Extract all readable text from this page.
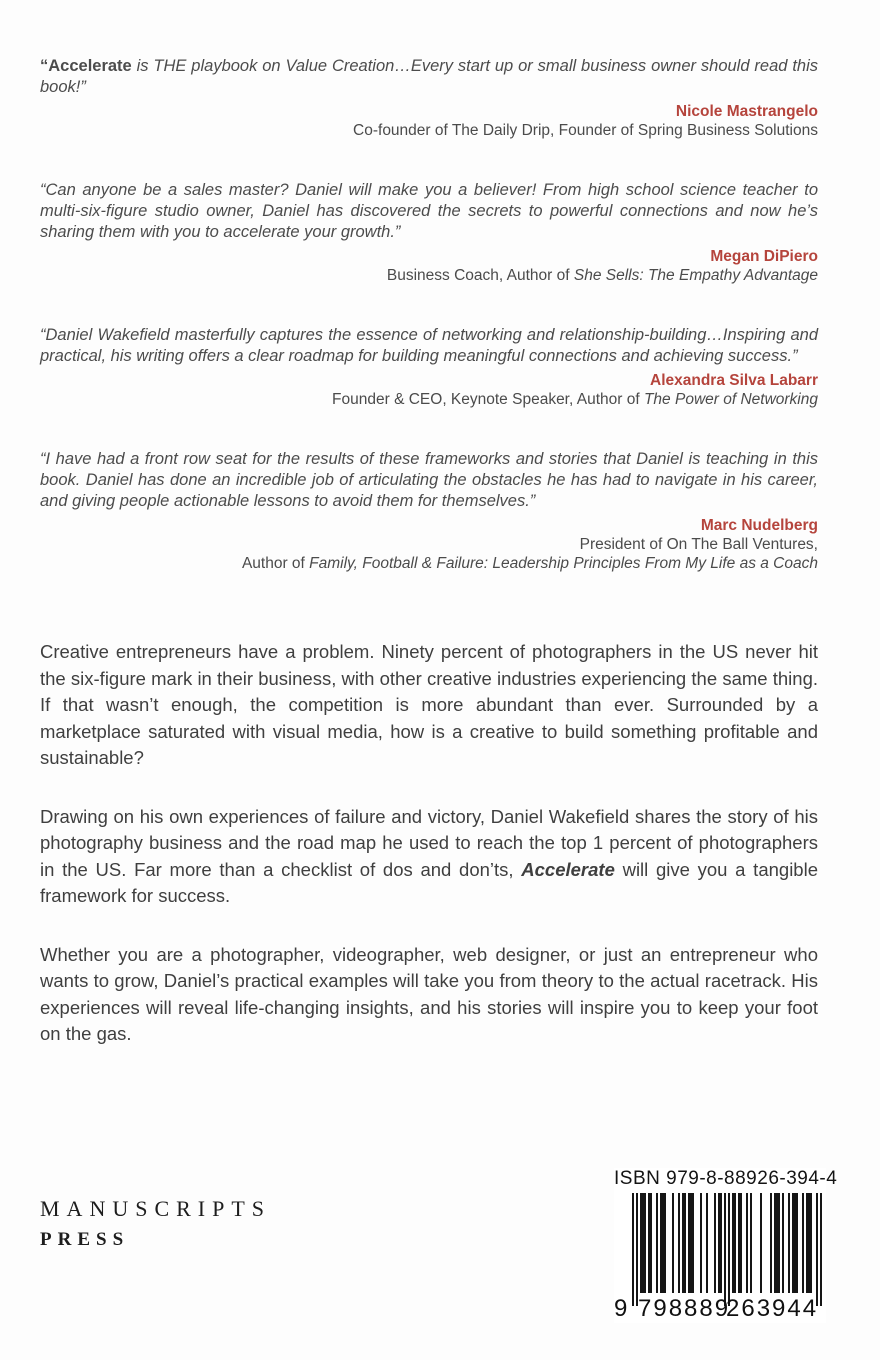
“Accelerate is THE playbook on Value Creation…Every start up or small business owner should read this book!”
Nicole Mastrangelo
Co-founder of The Daily Drip, Founder of Spring Business Solutions
“Can anyone be a sales master? Daniel will make you a believer! From high school science teacher to multi-six-figure studio owner, Daniel has discovered the secrets to powerful connections and now he’s sharing them with you to accelerate your growth.”
Megan DiPiero
Business Coach, Author of She Sells: The Empathy Advantage
“Daniel Wakefield masterfully captures the essence of networking and relationship-building…Inspiring and practical, his writing offers a clear roadmap for building meaningful connections and achieving success.”
Alexandra Silva Labarr
Founder & CEO, Keynote Speaker, Author of The Power of Networking
“I have had a front row seat for the results of these frameworks and stories that Daniel is teaching in this book. Daniel has done an incredible job of articulating the obstacles he has had to navigate in his career, and giving people actionable lessons to avoid them for themselves.”
Marc Nudelberg
President of On The Ball Ventures,
Author of Family, Football & Failure: Leadership Principles From My Life as a Coach
Creative entrepreneurs have a problem. Ninety percent of photographers in the US never hit the six-figure mark in their business, with other creative industries experiencing the same thing. If that wasn’t enough, the competition is more abundant than ever. Surrounded by a marketplace saturated with visual media, how is a creative to build something profitable and sustainable?
Drawing on his own experiences of failure and victory, Daniel Wakefield shares the story of his photography business and the road map he used to reach the top 1 percent of photographers in the US. Far more than a checklist of dos and don’ts, Accelerate will give you a tangible framework for success.
Whether you are a photographer, videographer, web designer, or just an entrepreneur who wants to grow, Daniel’s practical examples will take you from theory to the actual racetrack. His experiences will reveal life-changing insights, and his stories will inspire you to keep your foot on the gas.
MANUSCRIPTS
PRESS
ISBN 979-8-88926-394-4
9 798889
263944
